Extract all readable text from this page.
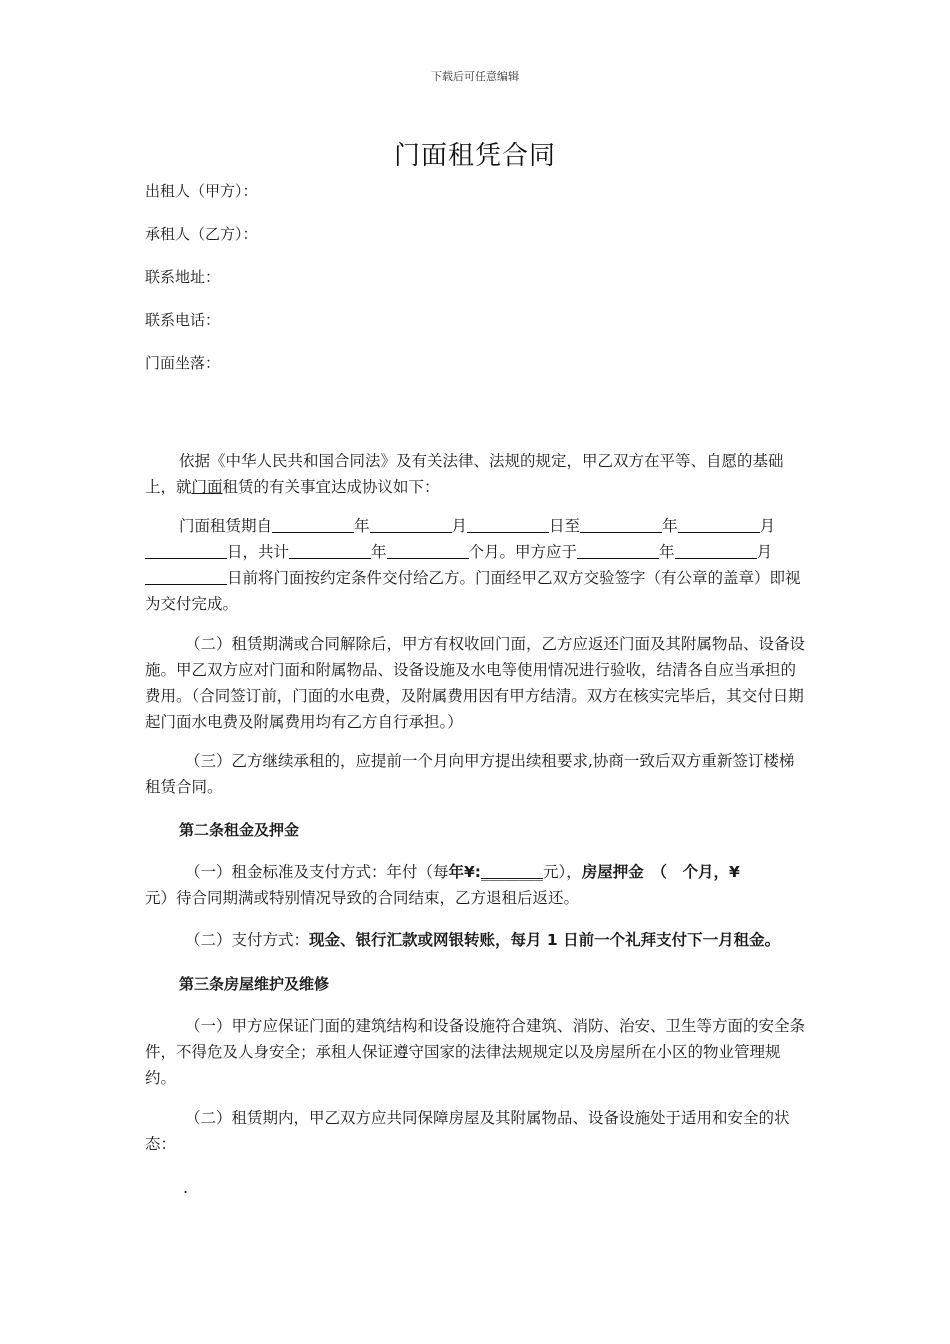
下载后可任意编辑
门面租凭合同
出租人（甲方）：
承租人（乙方）：
联系地址：
联系电话：
门面坐落：

依据《中华人民共和国合同法》及有关法律、法规的规定，甲乙双方在平等、自愿的基础上，就门面租赁的有关事宜达成协议如下：

门面租赁期自	年	月	日至	年	月
日，共计	年	个月。甲方应于	年	月
日前将门面按约定条件交付给乙方。门面经甲乙双方交验签字（有公章的盖章）即视为交付完成。

（二）租赁期满或合同解除后，甲方有权收回门面，乙方应返还门面及其附属物品、设备设施。甲乙双方应对门面和附属物品、设备设施及水电等使用情况进行验收，结清各自应当承担的费用。（合同签订前，门面的水电费，及附属费用因有甲方结清。双方在核实完毕后，其交付日期起门面水电费及附属费用均有乙方自行承担。）

（三）乙方继续承租的，应提前一个月向甲方提出续租要求,协商一致后双方重新签订楼梯租赁合同。

第二条租金及押金

（一）租金标准及支付方式：年付（每年¥:________元），房屋押金　（　个月，¥
元）待合同期满或特别情况导致的合同结束，乙方退租后返还。

（二）支付方式：现金、银行汇款或网银转账，每月 1 日前一个礼拜支付下一月租金。

第三条房屋维护及维修

（一）甲方应保证门面的建筑结构和设备设施符合建筑、消防、治安、卫生等方面的安全条件，不得危及人身安全；承租人保证遵守国家的法律法规规定以及房屋所在小区的物业管理规约。

（二）租赁期内，甲乙双方应共同保障房屋及其附属物品、设备设施处于适用和安全的状态：

.
